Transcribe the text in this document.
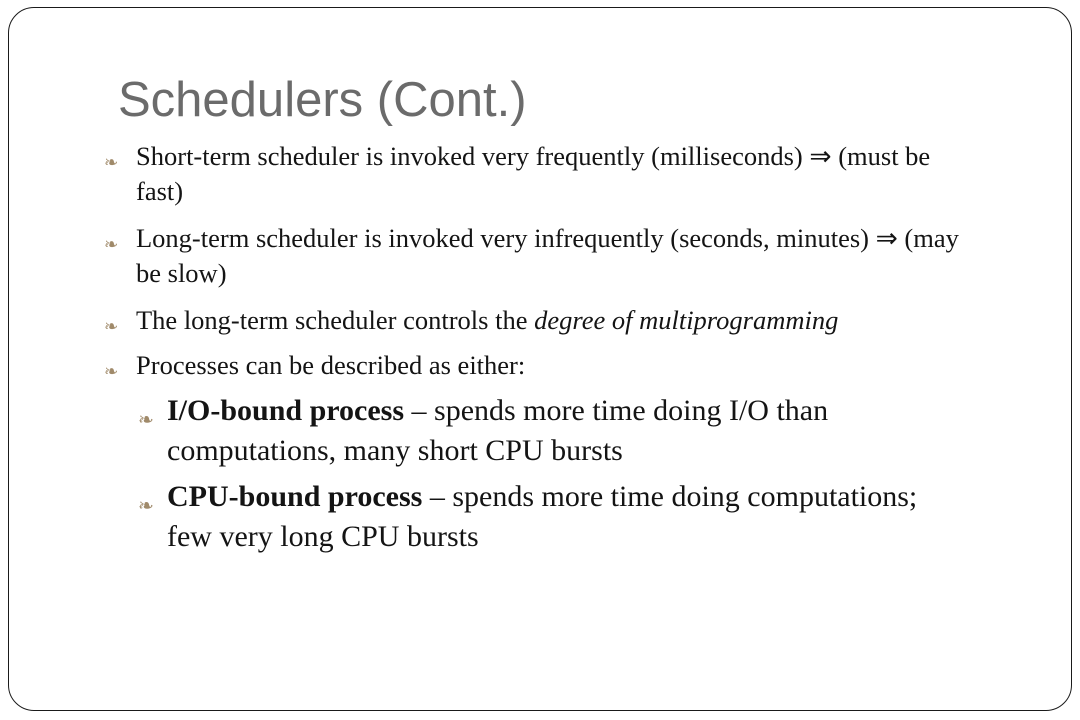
Schedulers (Cont.)
❧ Short-term scheduler is invoked very frequently (milliseconds) ⇒ (must be fast)
❧ Long-term scheduler is invoked very infrequently (seconds, minutes) ⇒ (may be slow)
❧ The long-term scheduler controls the degree of multiprogramming
❧ Processes can be described as either:
❧ I/O-bound process – spends more time doing I/O than computations, many short CPU bursts
❧ CPU-bound process – spends more time doing computations; few very long CPU bursts
